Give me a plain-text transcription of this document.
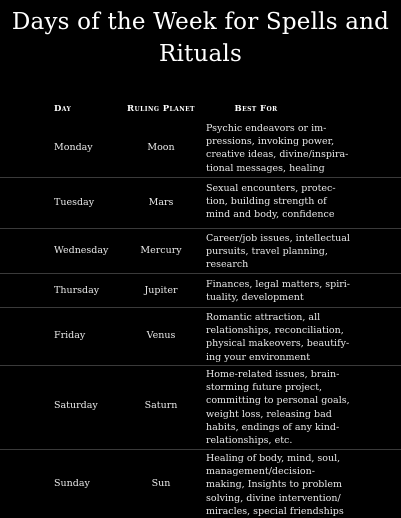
Days of the Week for Spells and Rituals
Day	Ruling Planet	Best For
Monday	Moon
Psychic endeavors or im-
pressions, invoking power,
creative ideas, divine/inspira-
tional messages, healing
Tuesday	Mars
Sexual encounters, protec-
tion, building strength of
mind and body, confidence
Wednesday	Mercury
Career/job issues, intellectual
pursuits, travel planning,
research
Thursday	Jupiter
Finances, legal matters, spiri-
tuality, development
Friday	Venus
Romantic attraction, all
relationships, reconciliation,
physical makeovers, beautify-
ing your environment
Saturday	Saturn
Home-related issues, brain-
storming future project,
committing to personal goals,
weight loss, releasing bad
habits, endings of any kind-
relationships, etc.
Sunday	Sun
Healing of body, mind, soul,
management/decision-
making, Insights to problem
solving, divine intervention/
miracles, special friendships
